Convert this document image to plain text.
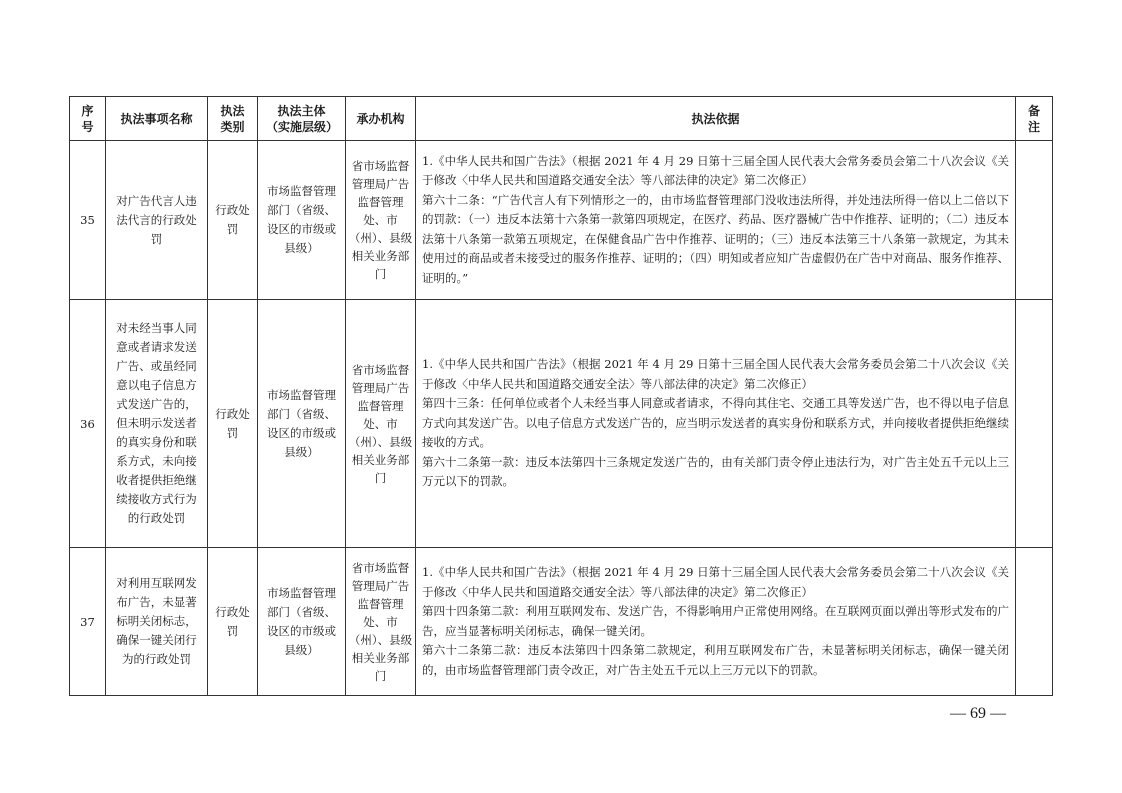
序号	执法事项名称	执法类别	执法主体（实施层级）	承办机构	执法依据	备注
35	对广告代言人违法代言的行政处罚	行政处罚	市场监督管理部门（省级、设区的市级或县级）	省市场监督管理局广告监督管理处、市（州）、县级相关业务部门	1.《中华人民共和国广告法》（根据 2021 年 4 月 29 日第十三届全国人民代表大会常务委员会第二十八次会议《关于修改〈中华人民共和国道路交通安全法〉等八部法律的决定》第二次修正）
第六十二条：“广告代言人有下列情形之一的，由市场监督管理部门没收违法所得，并处违法所得一倍以上二倍以下的罚款：（一）违反本法第十六条第一款第四项规定，在医疗、药品、医疗器械广告中作推荐、证明的；（二）违反本法第十八条第一款第五项规定，在保健食品广告中作推荐、证明的；（三）违反本法第三十八条第一款规定，为其未使用过的商品或者未接受过的服务作推荐、证明的；（四）明知或者应知广告虚假仍在广告中对商品、服务作推荐、证明的。”	

36	对未经当事人同意或者请求发送广告、或虽经同意以电子信息方式发送广告的，但未明示发送者的真实身份和联系方式，未向接收者提供拒绝继续接收方式行为的行政处罚	行政处罚	市场监督管理部门（省级、设区的市级或县级）	省市场监督管理局广告监督管理处、市（州）、县级相关业务部门	1.《中华人民共和国广告法》（根据 2021 年 4 月 29 日第十三届全国人民代表大会常务委员会第二十八次会议《关于修改〈中华人民共和国道路交通安全法〉等八部法律的决定》第二次修正）
第四十三条：任何单位或者个人未经当事人同意或者请求，不得向其住宅、交通工具等发送广告，也不得以电子信息方式向其发送广告。以电子信息方式发送广告的，应当明示发送者的真实身份和联系方式，并向接收者提供拒绝继续接收的方式。
第六十二条第一款：违反本法第四十三条规定发送广告的，由有关部门责令停止违法行为，对广告主处五千元以上三万元以下的罚款。	

37	对利用互联网发布广告，未显著标明关闭标志，确保一键关闭行为的行政处罚	行政处罚	市场监督管理部门（省级、设区的市级或县级）	省市场监督管理局广告监督管理处、市（州）、县级相关业务部门	1.《中华人民共和国广告法》（根据 2021 年 4 月 29 日第十三届全国人民代表大会常务委员会第二十八次会议《关于修改〈中华人民共和国道路交通安全法〉等八部法律的决定》第二次修正）
第四十四条第二款：利用互联网发布、发送广告，不得影响用户正常使用网络。在互联网页面以弹出等形式发布的广告，应当显著标明关闭标志，确保一键关闭。
第六十二条第二款：违反本法第四十四条第二款规定，利用互联网发布广告，未显著标明关闭标志，确保一键关闭的，由市场监督管理部门责令改正，对广告主处五千元以上三万元以下的罚款。	

— 69 —
